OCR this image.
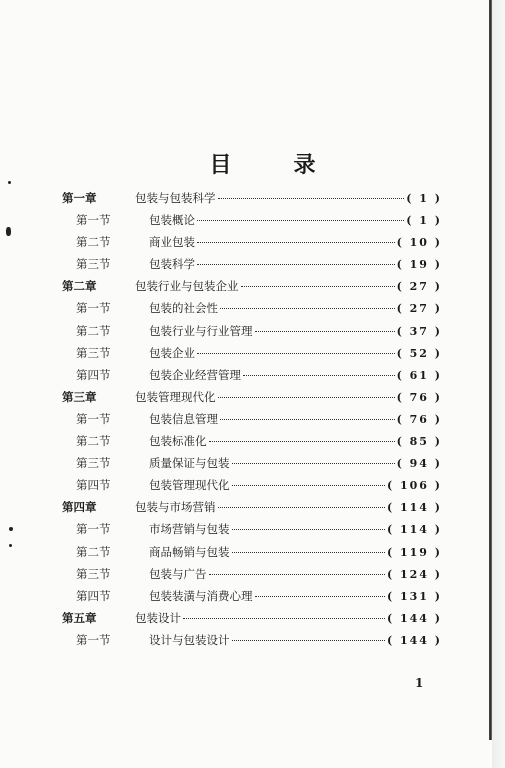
目	录
第一章	包装与包装科学	( 1 )
第一节	包装概论	( 1 )
第二节	商业包装	( 10 )
第三节	包装科学	( 19 )
第二章	包装行业与包装企业	( 27 )
第一节	包装的社会性	( 27 )
第二节	包装行业与行业管理	( 37 )
第三节	包装企业	( 52 )
第四节	包装企业经营管理	( 61 )
第三章	包装管理现代化	( 76 )
第一节	包装信息管理	( 76 )
第二节	包装标准化	( 85 )
第三节	质量保证与包装	( 94 )
第四节	包装管理现代化	( 106 )
第四章	包装与市场营销	( 114 )
第一节	市场营销与包装	( 114 )
第二节	商品畅销与包装	( 119 )
第三节	包装与广告	( 124 )
第四节	包装装潢与消费心理	( 131 )
第五章	包装设计	( 144 )
第一节	设计与包装设计	( 144 )
1
